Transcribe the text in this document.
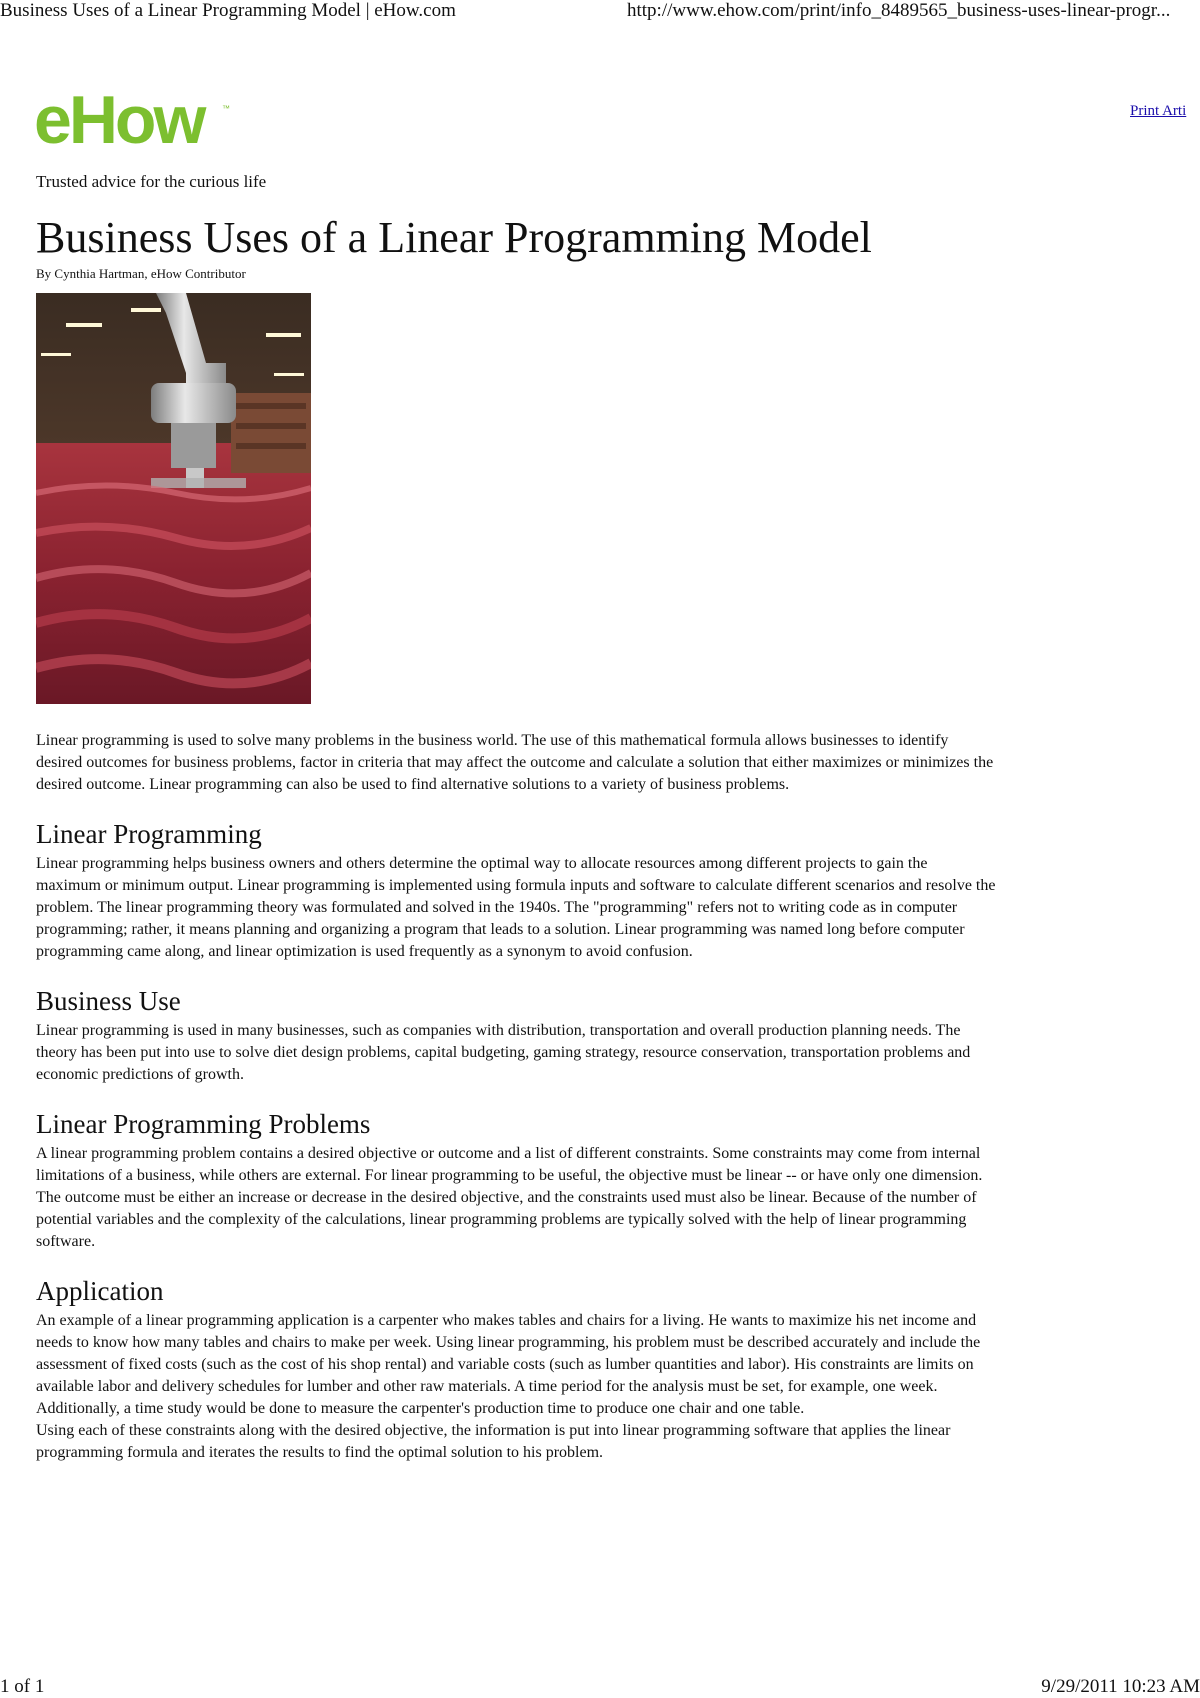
Business Uses of a Linear Programming Model | eHow.com	http://www.ehow.com/print/info_8489565_business-uses-linear-progr...
eHow ™	Print Arti
Trusted advice for the curious life
Business Uses of a Linear Programming Model
By Cynthia Hartman, eHow Contributor

Linear programming is used to solve many problems in the business world. The use of this mathematical formula allows businesses to identify desired outcomes for business problems, factor in criteria that may affect the outcome and calculate a solution that either maximizes or minimizes the desired outcome. Linear programming can also be used to find alternative solutions to a variety of business problems.

Linear Programming

Linear programming helps business owners and others determine the optimal way to allocate resources among different projects to gain the maximum or minimum output. Linear programming is implemented using formula inputs and software to calculate different scenarios and resolve the problem. The linear programming theory was formulated and solved in the 1940s. The "programming" refers not to writing code as in computer programming; rather, it means planning and organizing a program that leads to a solution. Linear programming was named long before computer programming came along, and linear optimization is used frequently as a synonym to avoid confusion.

Business Use

Linear programming is used in many businesses, such as companies with distribution, transportation and overall production planning needs. The theory has been put into use to solve diet design problems, capital budgeting, gaming strategy, resource conservation, transportation problems and economic predictions of growth.

Linear Programming Problems

A linear programming problem contains a desired objective or outcome and a list of different constraints. Some constraints may come from internal limitations of a business, while others are external. For linear programming to be useful, the objective must be linear -- or have only one dimension. The outcome must be either an increase or decrease in the desired objective, and the constraints used must also be linear. Because of the number of potential variables and the complexity of the calculations, linear programming problems are typically solved with the help of linear programming software.

Application

An example of a linear programming application is a carpenter who makes tables and chairs for a living. He wants to maximize his net income and needs to know how many tables and chairs to make per week. Using linear programming, his problem must be described accurately and include the assessment of fixed costs (such as the cost of his shop rental) and variable costs (such as lumber quantities and labor). His constraints are limits on available labor and delivery schedules for lumber and other raw materials. A time period for the analysis must be set, for example, one week. Additionally, a time study would be done to measure the carpenter's production time to produce one chair and one table.

Using each of these constraints along with the desired objective, the information is put into linear programming software that applies the linear programming formula and iterates the results to find the optimal solution to his problem.

1 of 1	9/29/2011 10:23 AM
